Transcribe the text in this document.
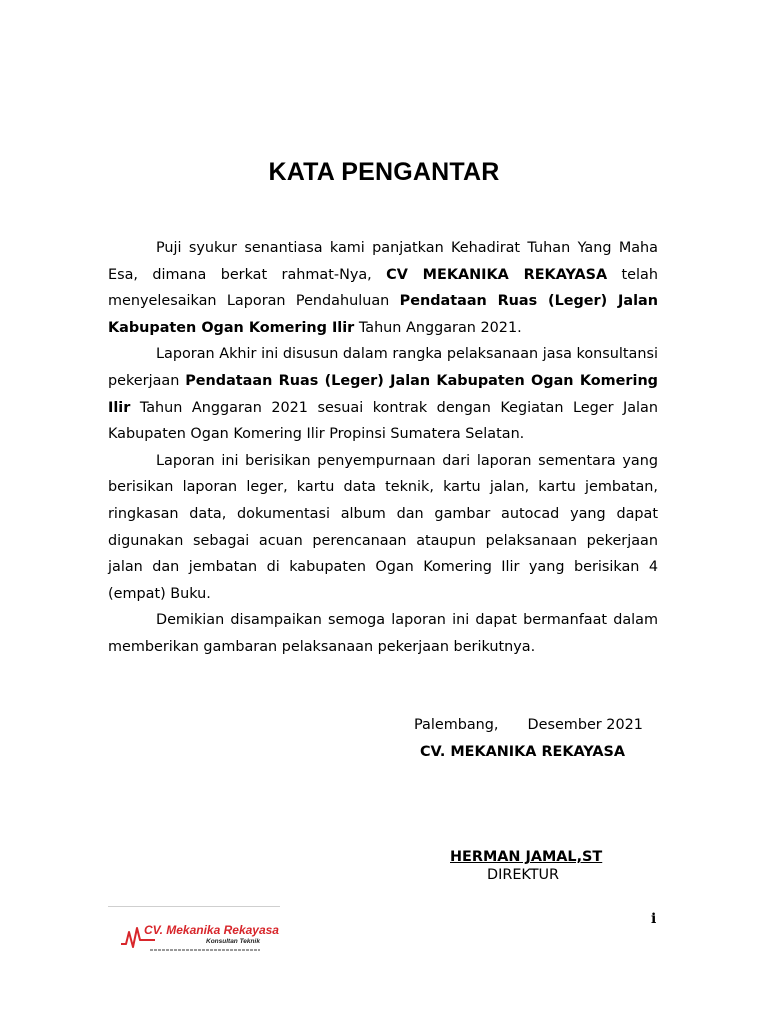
KATA PENGANTAR

Puji syukur senantiasa kami panjatkan Kehadirat Tuhan Yang Maha Esa, dimana berkat rahmat-Nya, CV MEKANIKA REKAYASA telah menyelesaikan Laporan Pendahuluan Pendataan Ruas (Leger) Jalan Kabupaten Ogan Komering Ilir Tahun Anggaran 2021.

Laporan Akhir ini disusun dalam rangka pelaksanaan jasa konsultansi pekerjaan Pendataan Ruas (Leger) Jalan Kabupaten Ogan Komering Ilir Tahun Anggaran 2021 sesuai kontrak dengan Kegiatan Leger Jalan Kabupaten Ogan Komering Ilir Propinsi Sumatera Selatan.

Laporan ini berisikan penyempurnaan dari laporan sementara yang berisikan laporan leger, kartu data teknik, kartu jalan, kartu jembatan, ringkasan data, dokumentasi album dan gambar autocad yang dapat digunakan sebagai acuan perencanaan ataupun pelaksanaan pekerjaan jalan dan jembatan di kabupaten Ogan Komering Ilir yang berisikan 4 (empat) Buku.

Demikian disampaikan semoga laporan ini dapat bermanfaat dalam memberikan gambaran pelaksanaan pekerjaan berikutnya.

Palembang, Desember 2021
CV. MEKANIKA REKAYASA
HERMAN JAMAL,ST
DIREKTUR
i
CV. Mekanika Rekayasa
Konsultan Teknik
